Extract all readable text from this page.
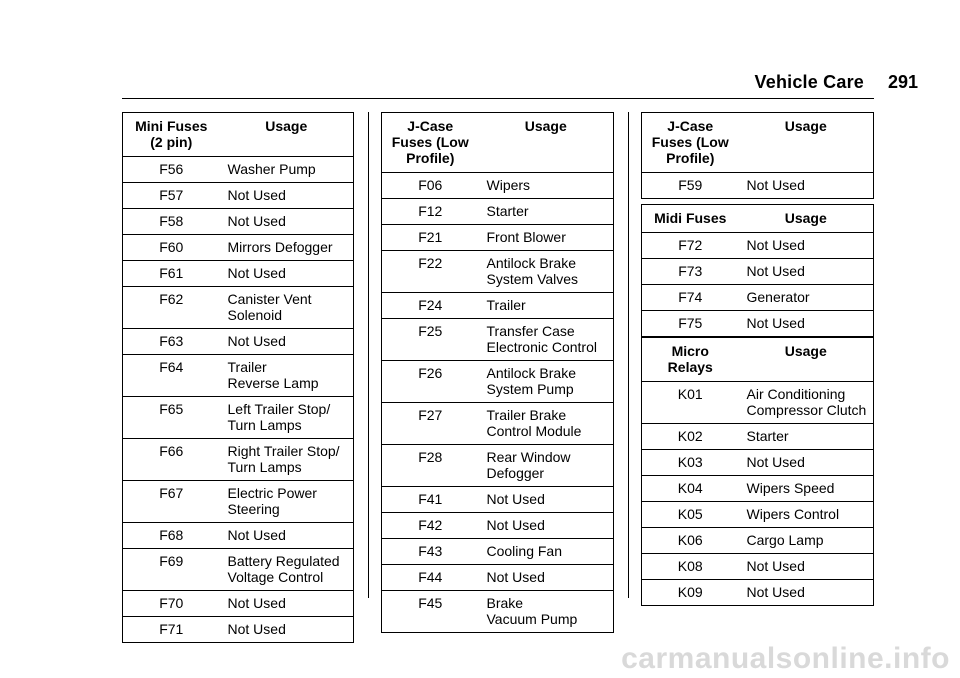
Vehicle Care 291
Mini Fuses
(2 pin)	Usage
F56	Washer Pump
F57	Not Used
F58	Not Used
F60	Mirrors Defogger
F61	Not Used
F62	Canister Vent
Solenoid

F63	Not Used
F64	Trailer
Reverse Lamp

F65	Left Trailer Stop/
Turn Lamps

F66	Right Trailer Stop/
Turn Lamps

F67	Electric Power
Steering

F68	Not Used
F69	Battery Regulated
Voltage Control

F70	Not Used
F71	Not Used
J-Case
Fuses (Low
Profile)	Usage
F06	Wipers
F12	Starter
F21	Front Blower
F22	Antilock Brake
System Valves

F24	Trailer
F25	Transfer Case
Electronic Control

F26	Antilock Brake
System Pump

F27	Trailer Brake
Control Module

F28	Rear Window
Defogger

F41	Not Used
F42	Not Used
F43	Cooling Fan
F44	Not Used
F45	Brake
Vacuum Pump
J-Case
Fuses (Low
Profile)	Usage
F59	Not Used
Midi Fuses	Usage
F72	Not Used
F73	Not Used
F74	Generator
F75	Not Used
Micro
Relays	Usage
K01	Air Conditioning
Compressor Clutch

K02	Starter
K03	Not Used
K04	Wipers Speed
K05	Wipers Control
K06	Cargo Lamp
K08	Not Used
K09	Not Used
carmanualsonline.info
